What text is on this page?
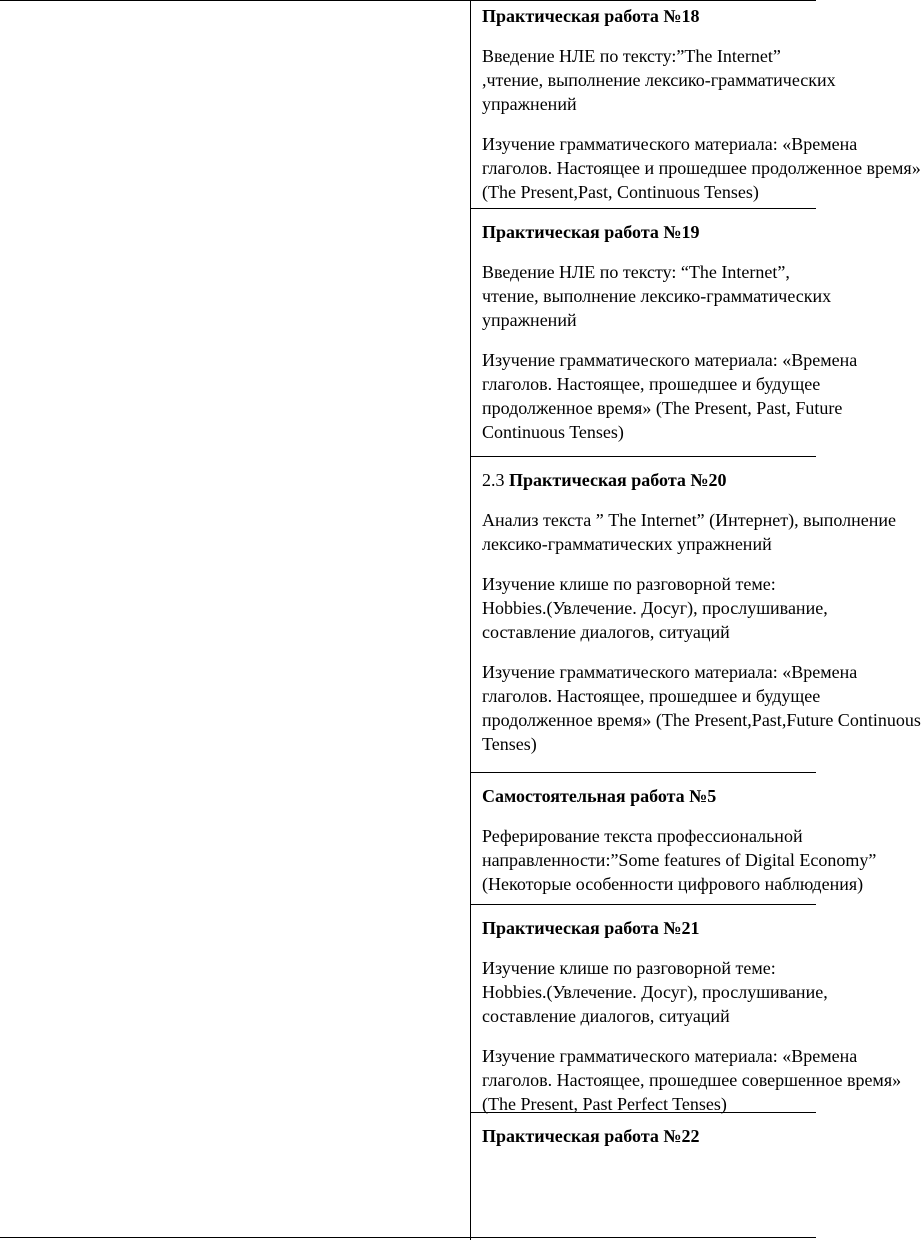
Практическая работа №18

Введение НЛЕ по тексту:”The Internet”
,чтение, выполнение лексико-грамматических
упражнений

Изучение грамматического материала: «Времена
глаголов. Настоящее и прошедшее продолженное время»
(The Present,Past, Continuous Tenses)

Практическая работа №19

Введение НЛЕ по тексту: “The Internet”,
чтение, выполнение лексико-грамматических
упражнений

Изучение грамматического материала: «Времена
глаголов. Настоящее, прошедшее и будущее
продолженное время» (The Present, Past, Future
Continuous Tenses)

2.3 Практическая работа №20

Анализ текста ” The Internet” (Интернет), выполнение
лексико-грамматических упражнений

Изучение клише по разговорной теме:
Hobbies.(Увлечение. Досуг), прослушивание,
составление диалогов, ситуаций

Изучение грамматического материала: «Времена
глаголов. Настоящее, прошедшее и будущее
продолженное время» (The Present,Past,Future Continuous
Tenses)

Самостоятельная работа №5

Реферирование текста профессиональной
направленности:”Some features of Digital Economy”
(Некоторые особенности цифрового наблюдения)

Практическая работа №21

Изучение клише по разговорной теме:
Hobbies.(Увлечение. Досуг), прослушивание,
составление диалогов, ситуаций

Изучение грамматического материала: «Времена
глаголов. Настоящее, прошедшее совершенное время»
(The Present, Past Perfect Tenses)

Практическая работа №22
